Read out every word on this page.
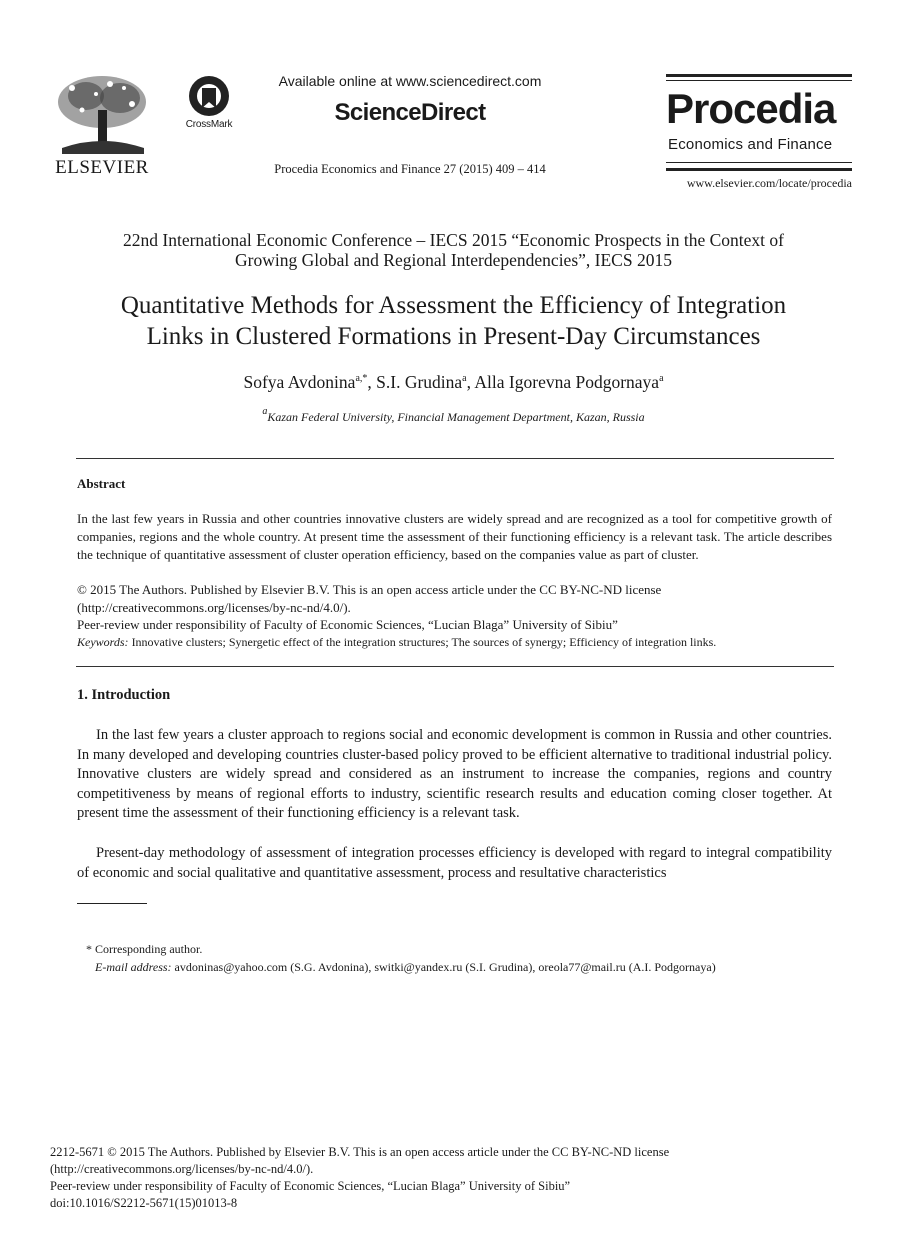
ELSEVIER
CrossMark
Available online at www.sciencedirect.com
ScienceDirect
Procedia Economics and Finance 27 (2015) 409 – 414
Procedia
Economics and Finance
www.elsevier.com/locate/procedia
22nd International Economic Conference – IECS 2015 “Economic Prospects in the Context of
Growing Global and Regional Interdependencies”, IECS 2015
Quantitative Methods for Assessment the Efficiency of Integration
Links in Clustered Formations in Present-Day Circumstances
Sofya Avdonina$^{a,*}$, S.I. Grudina$^a$, Alla Igorevna Podgornaya$^a$
$^a$Kazan Federal University, Financial Management Department, Kazan, Russia
Abstract
In the last few years in Russia and other countries innovative clusters are widely spread and are recognized as a tool for competitive growth of companies, regions and the whole country. At present time the assessment of their functioning efficiency is a relevant task. The article describes the technique of quantitative assessment of cluster operation efficiency, based on the companies value as part of cluster.
© 2015 The Authors. Published by Elsevier B.V. This is an open access article under the CC BY-NC-ND license
(http://creativecommons.org/licenses/by-nc-nd/4.0/).
Peer-review under responsibility of Faculty of Economic Sciences, “Lucian Blaga” University of Sibiu”
Keywords: Innovative clusters; Synergetic effect of the integration structures; The sources of synergy; Efficiency of integration links.
1. Introduction
In the last few years a cluster approach to regions social and economic development is common in Russia and other countries. In many developed and developing countries cluster-based policy proved to be efficient alternative to traditional industrial policy. Innovative clusters are widely spread and considered as an instrument to increase the companies, regions and country competitiveness by means of regional efforts to industry, scientific research results and education coming closer together. At present time the assessment of their functioning efficiency is a relevant task.
Present-day methodology of assessment of integration processes efficiency is developed with regard to integral compatibility of economic and social qualitative and quantitative assessment, process and resultative characteristics
* Corresponding author.
E-mail address: avdoninas@yahoo.com (S.G. Avdonina), switki@yandex.ru (S.I. Grudina), oreola77@mail.ru (A.I. Podgornaya)
2212-5671 © 2015 The Authors. Published by Elsevier B.V. This is an open access article under the CC BY-NC-ND license
(http://creativecommons.org/licenses/by-nc-nd/4.0/).
Peer-review under responsibility of Faculty of Economic Sciences, “Lucian Blaga” University of Sibiu”
doi:10.1016/S2212-5671(15)01013-8
